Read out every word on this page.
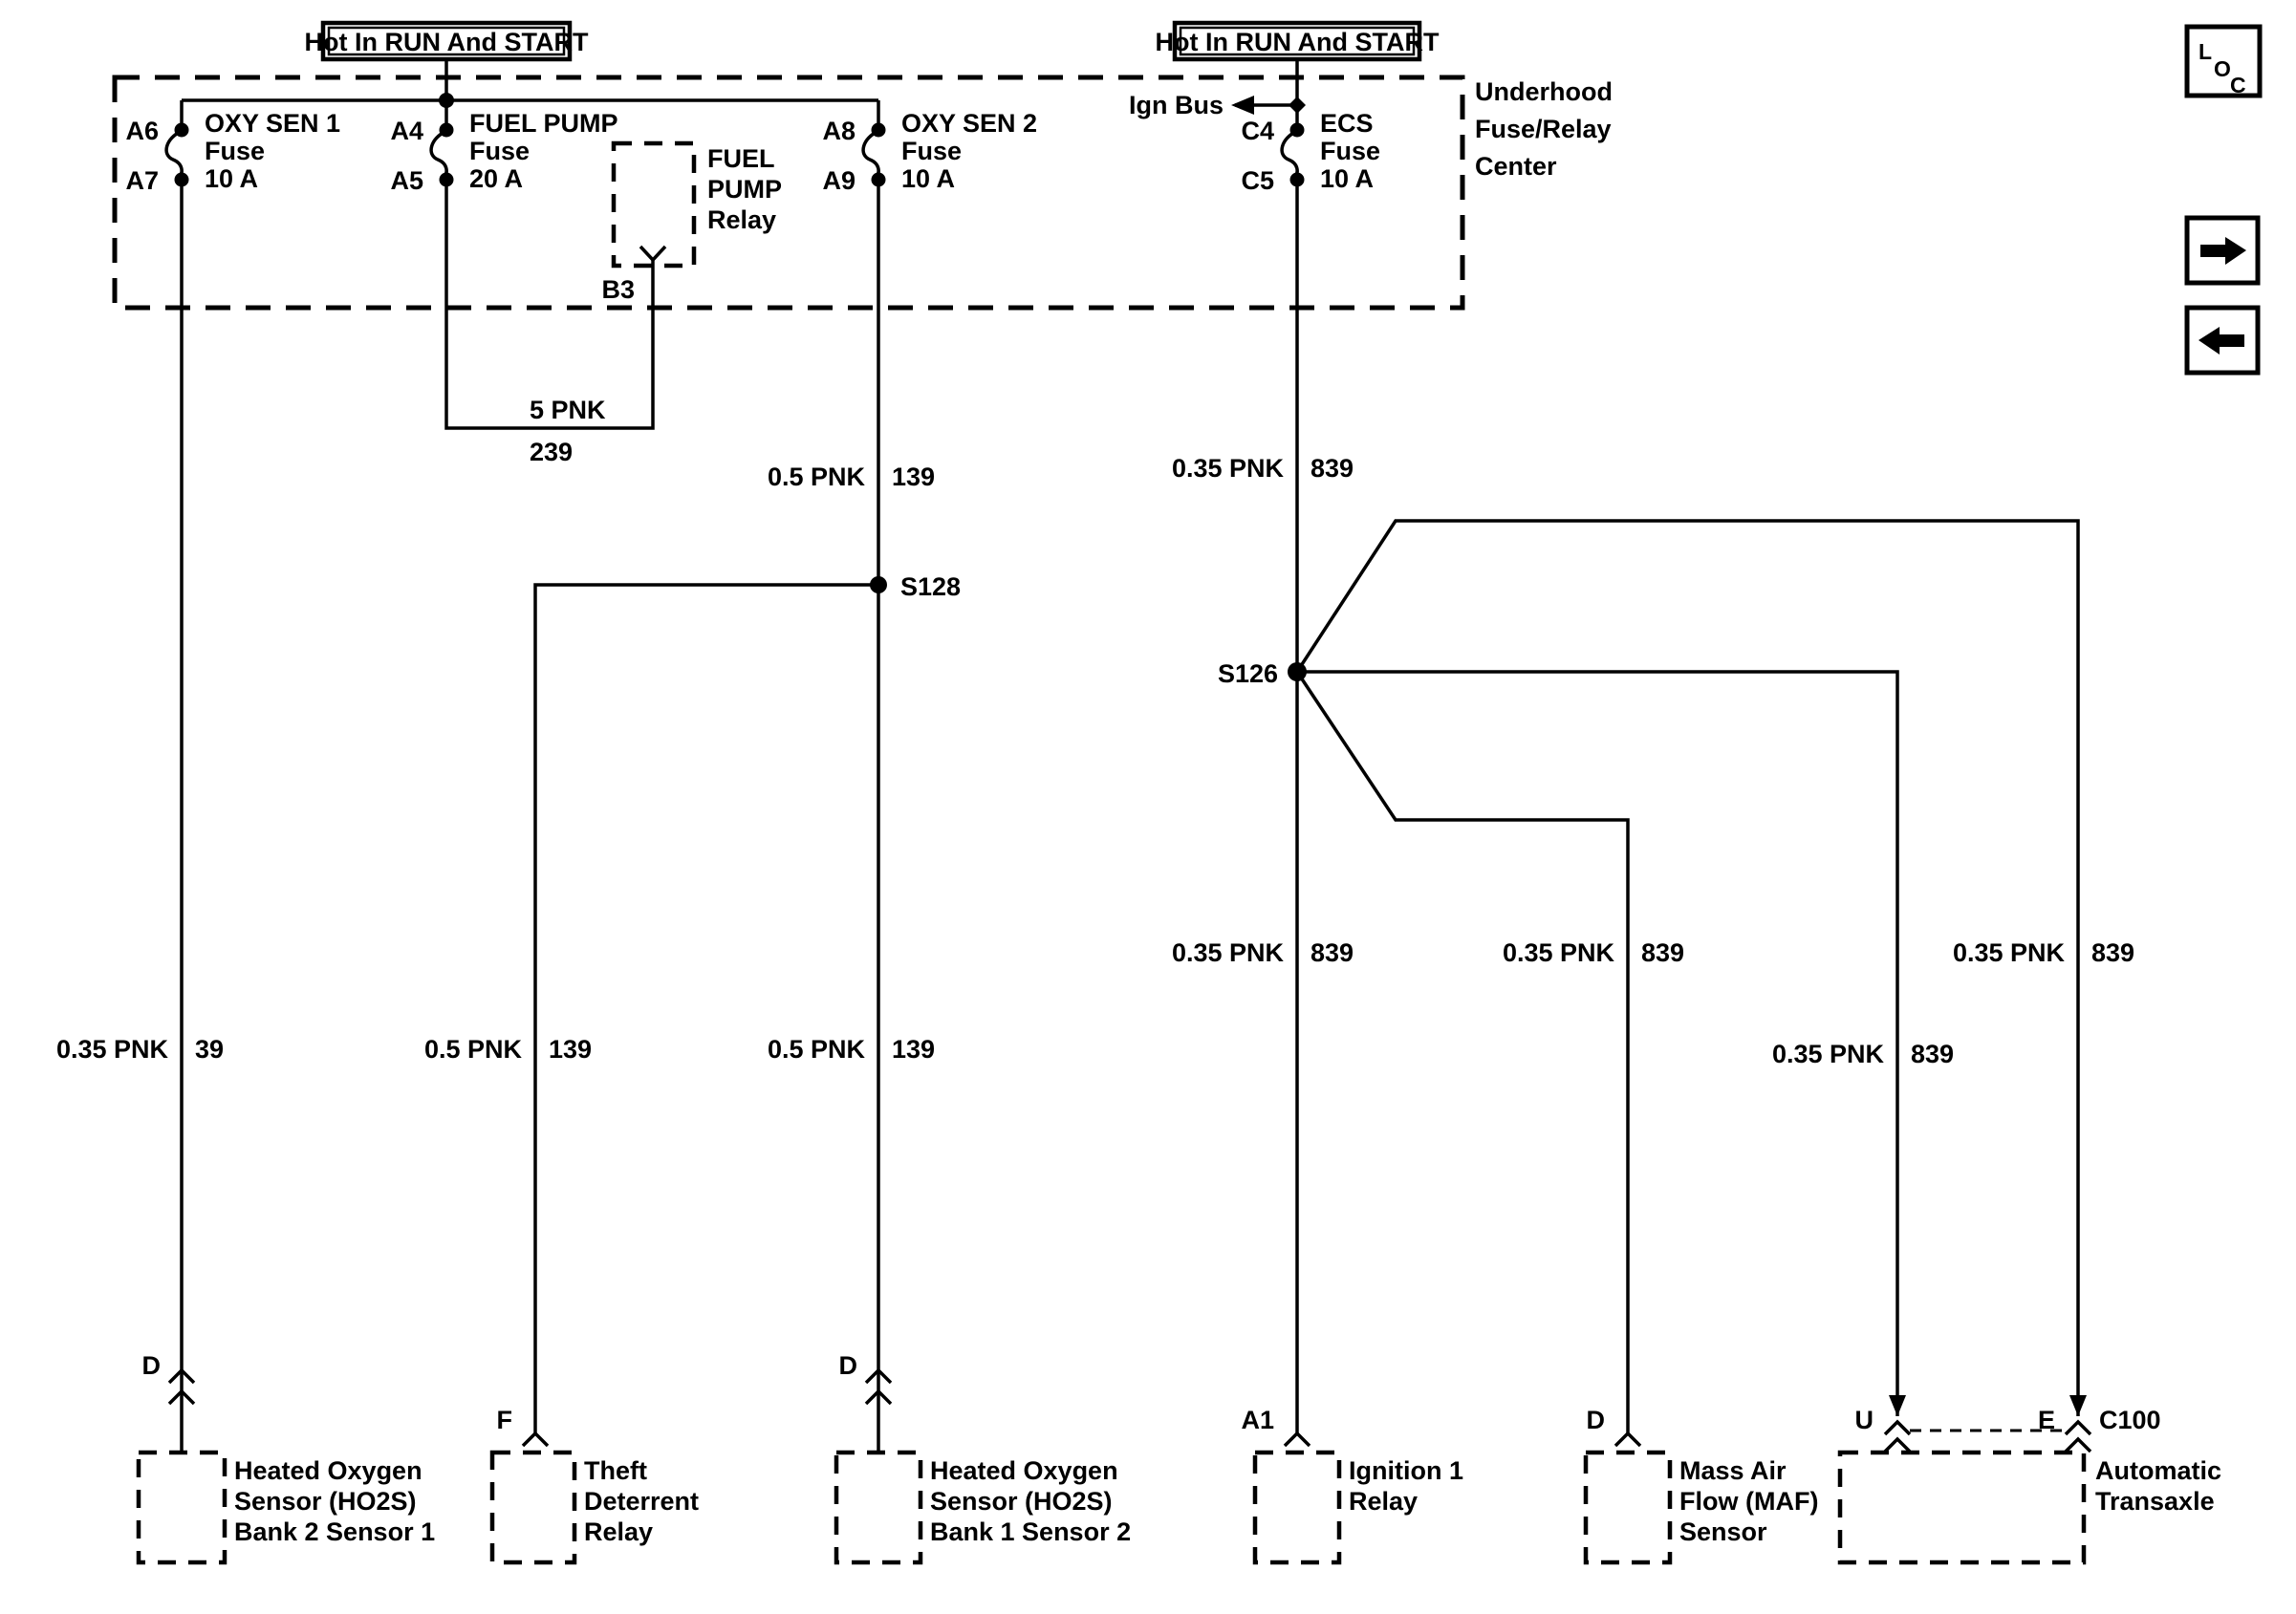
Hot In RUN And START	Hot In RUN And START
Underhood
Fuse/Relay
Center
Ign Bus
A6
A7
OXY SEN 1
Fuse
10 A
A4
A5
FUEL PUMP
Fuse
20 A
A8
A9
OXY SEN 2
Fuse
10 A
C4
C5
ECS
Fuse
10 A
FUEL
PUMP
Relay
B3
5 PNK
239
0.35 PNK 39
D
0.5 PNK 139
0.5 PNK 139
D
S128
0.5 PNK 139
F
0.35 PNK 839
0.35 PNK 839
A1
S126
0.35 PNK 839
D
0.35 PNK 839
U
0.35 PNK 839
E C100
Heated Oxygen
Sensor (HO2S)
Bank 2 Sensor 1
Theft
Deterrent
Relay
Heated Oxygen
Sensor (HO2S)
Bank 1 Sensor 2
Ignition 1
Relay
Mass Air
Flow (MAF)
Sensor
Automatic
Transaxle
L
O
C
